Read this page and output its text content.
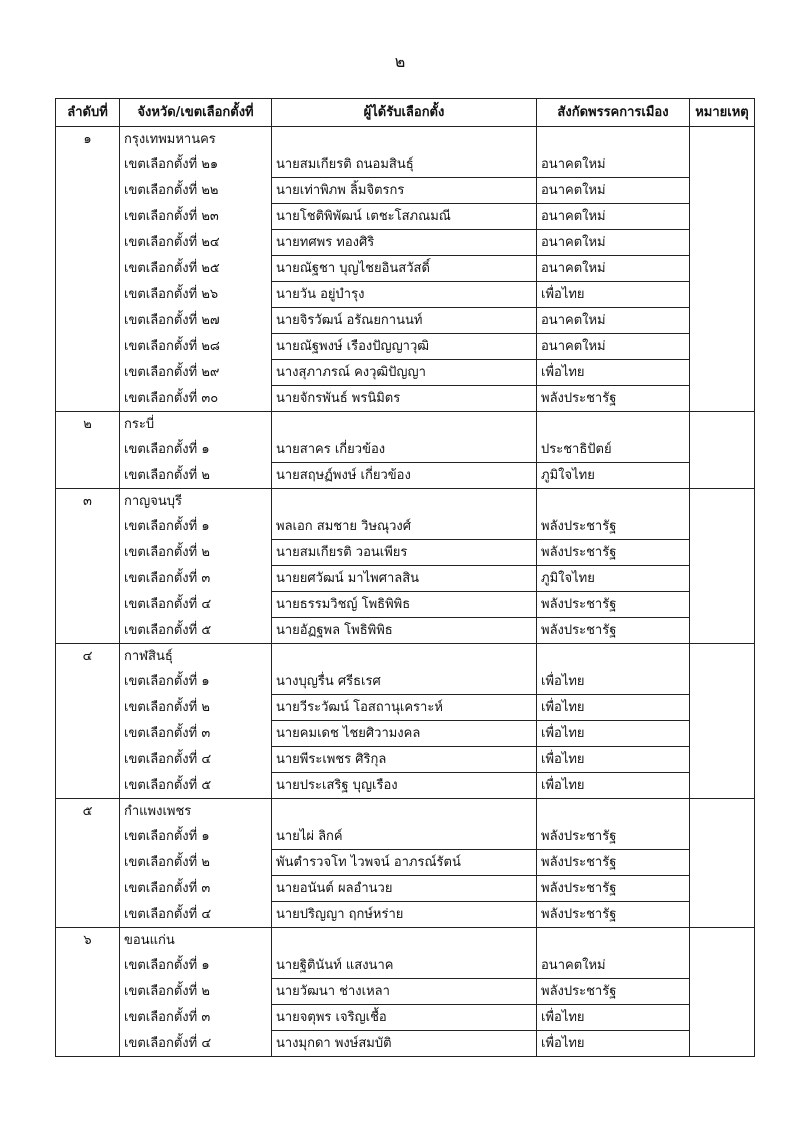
๒
ลำดับที่	จังหวัด/เขตเลือกตั้งที่	ผู้ได้รับเลือกตั้ง	สังกัดพรรคการเมือง	หมายเหตุ
๑	กรุงเทพมหานคร			
	เขตเลือกตั้งที่ ๒๑	นายสมเกียรติ ถนอมสินธุ์	อนาคตใหม่	
	เขตเลือกตั้งที่ ๒๒	นายเท่าพิภพ ลิ้มจิตรกร	อนาคตใหม่	
	เขตเลือกตั้งที่ ๒๓	นายโชติพิพัฒน์ เตชะโสภณมณี	อนาคตใหม่	
	เขตเลือกตั้งที่ ๒๔	นายทศพร ทองศิริ	อนาคตใหม่	
	เขตเลือกตั้งที่ ๒๕	นายณัฐชา บุญไชยอินสวัสดิ์	อนาคตใหม่	
	เขตเลือกตั้งที่ ๒๖	นายวัน อยู่บำรุง	เพื่อไทย	
	เขตเลือกตั้งที่ ๒๗	นายจิรวัฒน์ อรัณยกานนท์	อนาคตใหม่	
	เขตเลือกตั้งที่ ๒๘	นายณัฐพงษ์ เรืองปัญญาวุฒิ	อนาคตใหม่	
	เขตเลือกตั้งที่ ๒๙	นางสุภาภรณ์ คงวุฒิปัญญา	เพื่อไทย	
	เขตเลือกตั้งที่ ๓๐	นายจักรพันธ์ พรนิมิตร	พลังประชารัฐ	
๒	กระบี่			
	เขตเลือกตั้งที่ ๑	นายสาคร เกี่ยวข้อง	ประชาธิปัตย์	
	เขตเลือกตั้งที่ ๒	นายสฤษฏ์พงษ์ เกี่ยวข้อง	ภูมิใจไทย	
๓	กาญจนบุรี			
	เขตเลือกตั้งที่ ๑	พลเอก สมชาย วิษณุวงศ์	พลังประชารัฐ	
	เขตเลือกตั้งที่ ๒	นายสมเกียรติ วอนเพียร	พลังประชารัฐ	
	เขตเลือกตั้งที่ ๓	นายยศวัฒน์ มาไพศาลสิน	ภูมิใจไทย	
	เขตเลือกตั้งที่ ๔	นายธรรมวิชญ์ โพธิพิพิธ	พลังประชารัฐ	
	เขตเลือกตั้งที่ ๕	นายอัฏฐพล โพธิพิพิธ	พลังประชารัฐ	
๔	กาฬสินธุ์			
	เขตเลือกตั้งที่ ๑	นางบุญรื่น ศรีธเรศ	เพื่อไทย	
	เขตเลือกตั้งที่ ๒	นายวีระวัฒน์ โอสถานุเคราะห์	เพื่อไทย	
	เขตเลือกตั้งที่ ๓	นายคมเดช ไชยศิวามงคล	เพื่อไทย	
	เขตเลือกตั้งที่ ๔	นายพีระเพชร ศิริกุล	เพื่อไทย	
	เขตเลือกตั้งที่ ๕	นายประเสริฐ บุญเรือง	เพื่อไทย	
๕	กำแพงเพชร			
	เขตเลือกตั้งที่ ๑	นายไผ่ ลิกค์	พลังประชารัฐ	
	เขตเลือกตั้งที่ ๒	พันตำรวจโท ไวพจน์ อาภรณ์รัตน์	พลังประชารัฐ	
	เขตเลือกตั้งที่ ๓	นายอนันต์ ผลอำนวย	พลังประชารัฐ	
	เขตเลือกตั้งที่ ๔	นายปริญญา ฤกษ์หร่าย	พลังประชารัฐ	
๖	ขอนแก่น			
	เขตเลือกตั้งที่ ๑	นายฐิตินันท์ แสงนาค	อนาคตใหม่	
	เขตเลือกตั้งที่ ๒	นายวัฒนา ช่างเหลา	พลังประชารัฐ	
	เขตเลือกตั้งที่ ๓	นายจตุพร เจริญเชื้อ	เพื่อไทย	
	เขตเลือกตั้งที่ ๔	นางมุกดา พงษ์สมบัติ	เพื่อไทย	
